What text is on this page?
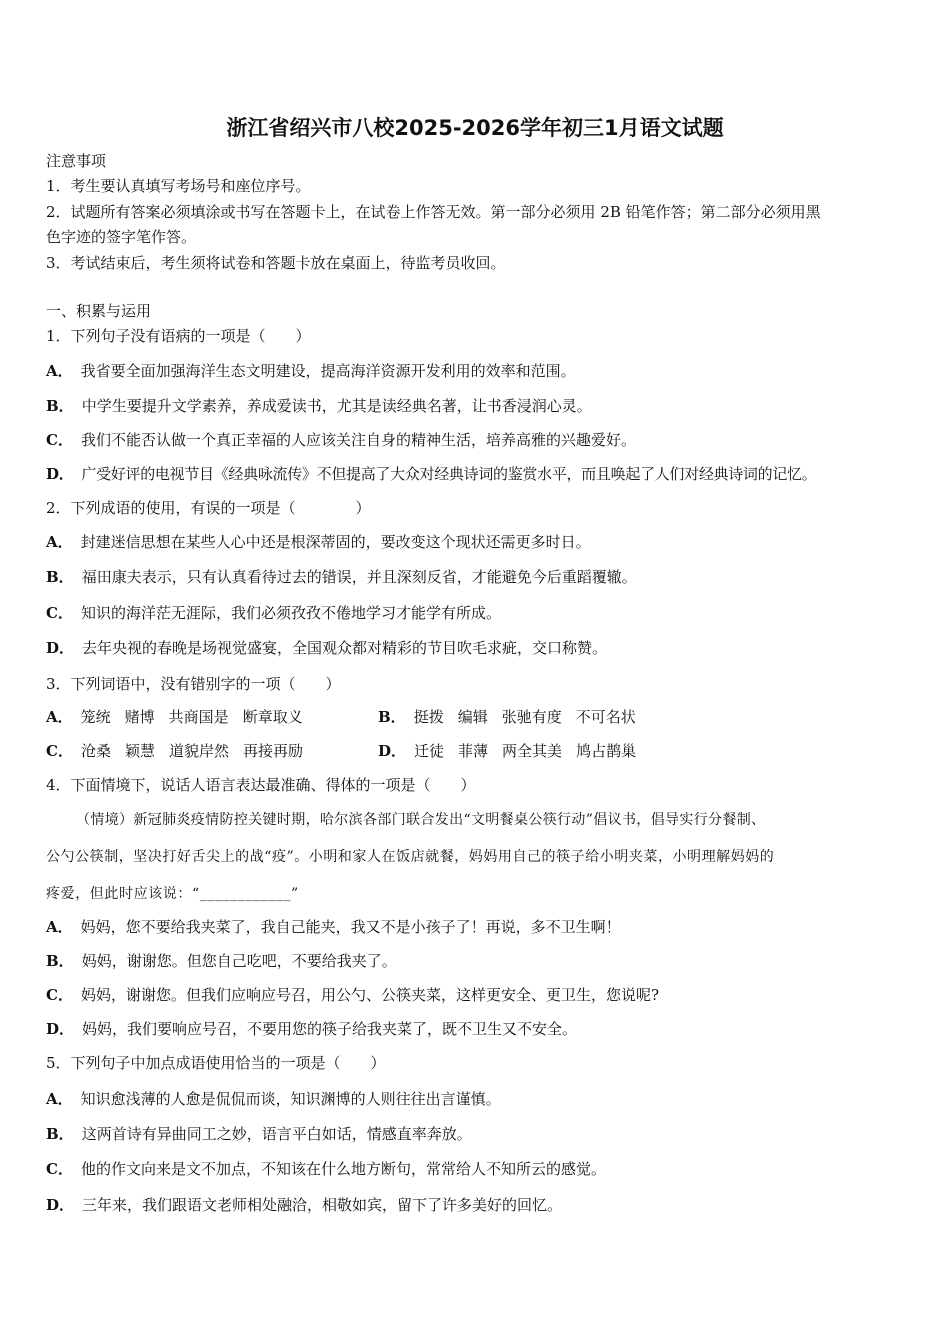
浙江省绍兴市八校2025-2026学年初三1月语文试题
注意事项
1．考生要认真填写考场号和座位序号。
2．试题所有答案必须填涂或书写在答题卡上，在试卷上作答无效。第一部分必须用 2B 铅笔作答；第二部分必须用黑
色字迹的签字笔作答。
3．考试结束后，考生须将试卷和答题卡放在桌面上，待监考员收回。
一、积累与运用
1．下列句子没有语病的一项是（　　）
A． 我省要全面加强海洋生态文明建设，提高海洋资源开发利用的效率和范围。
B． 中学生要提升文学素养，养成爱读书，尤其是读经典名著，让书香浸润心灵。
C． 我们不能否认做一个真正幸福的人应该关注自身的精神生活，培养高雅的兴趣爱好。
D． 广受好评的电视节目《经典咏流传》不但提高了大众对经典诗词的鉴赏水平，而且唤起了人们对经典诗词的记忆。
2．下列成语的使用，有误的一项是（　　　　）
A． 封建迷信思想在某些人心中还是根深蒂固的，要改变这个现状还需更多时日。
B． 福田康夫表示，只有认真看待过去的错误，并且深刻反省，才能避免今后重蹈覆辙。
C． 知识的海洋茫无涯际，我们必须孜孜不倦地学习才能学有所成。
D． 去年央视的春晚是场视觉盛宴，全国观众都对精彩的节目吹毛求疵，交口称赞。
3．下列词语中，没有错别字的一项（　　）
A． 笼统 赌博 共商国是 断章取义	B． 挺拨 编辑 张驰有度 不可名状
C． 沧桑 颖慧 道貌岸然 再接再励	D． 迁徒 菲薄 两全其美 鸠占鹊巢
4．下面情境下，说话人语言表达最准确、得体的一项是（　　）
（情境）新冠肺炎疫情防控关键时期，哈尔滨各部门联合发出“文明餐桌公筷行动”倡议书，倡导实行分餐制、
公勺公筷制，坚决打好舌尖上的战“疫”。小明和家人在饭店就餐，妈妈用自己的筷子给小明夹菜，小明理解妈妈的
疼爱，但此时应该说：“____________”
A． 妈妈，您不要给我夹菜了，我自己能夹，我又不是小孩子了！再说，多不卫生啊！
B． 妈妈，谢谢您。但您自己吃吧，不要给我夹了。
C． 妈妈，谢谢您。但我们应响应号召，用公勺、公筷夹菜，这样更安全、更卫生，您说呢?
D． 妈妈，我们要响应号召，不要用您的筷子给我夹菜了，既不卫生又不安全。
5．下列句子中加点成语使用恰当的一项是（　　）
A． 知识愈浅薄的人愈是侃侃而谈，知识渊博的人则往往出言谨慎。
B． 这两首诗有异曲同工之妙，语言平白如话，情感直率奔放。
C． 他的作文向来是文不加点，不知该在什么地方断句，常常给人不知所云的感觉。
D． 三年来，我们跟语文老师相处融洽，相敬如宾，留下了许多美好的回忆。
